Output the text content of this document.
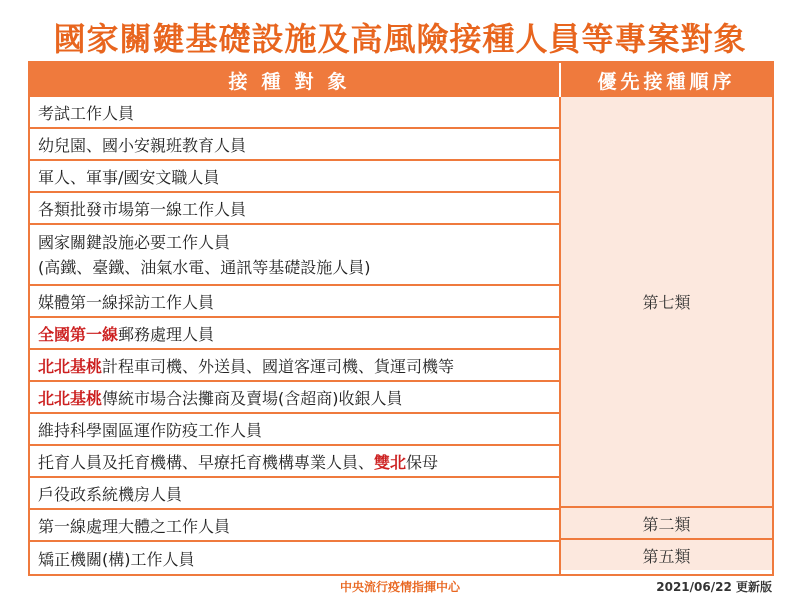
國家關鍵基礎設施及高風險接種人員等專案對象
接種對象	優先接種順序
考試工作人員
幼兒園、國小安親班教育人員
軍人、軍事/國安文職人員
各類批發市場第一線工作人員
國家關鍵設施必要工作人員
(高鐵、臺鐵、油氣水電、通訊等基礎設施人員)
媒體第一線採訪工作人員
全國第一線郵務處理人員
北北基桃計程車司機、外送員、國道客運司機、貨運司機等
北北基桃傳統市場合法攤商及賣場(含超商)收銀人員
維持科學園區運作防疫工作人員
托育人員及托育機構、早療托育機構專業人員、雙北保母
戶役政系統機房人員
第一線處理大體之工作人員
矯正機關(構)工作人員
第七類
第二類
第五類
中央流行疫情指揮中心	2021/06/22 更新版
